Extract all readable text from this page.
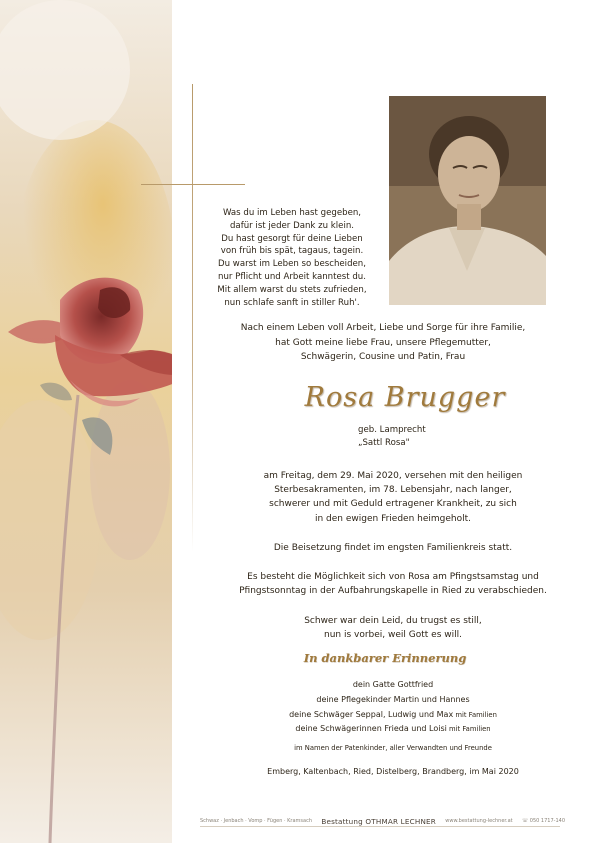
Was du im Leben hast gegeben,
dafür ist jeder Dank zu klein.
Du hast gesorgt für deine Lieben
von früh bis spät, tagaus, tagein.
Du warst im Leben so bescheiden,
nur Pflicht und Arbeit kanntest du.
Mit allem warst du stets zufrieden,
nun schlafe sanft in stiller Ruh'.
Nach einem Leben voll Arbeit, Liebe und Sorge für ihre Familie,
hat Gott meine liebe Frau, unsere Pflegemutter,
Schwägerin, Cousine und Patin, Frau
Rosa Brugger
geb. Lamprecht
„Sattl Rosa"
am Freitag, dem 29. Mai 2020, versehen mit den heiligen
Sterbesakramenten, im 78. Lebensjahr, nach langer,
schwerer und mit Geduld ertragener Krankheit, zu sich
in den ewigen Frieden heimgeholt.
Die Beisetzung findet im engsten Familienkreis statt.
Es besteht die Möglichkeit sich von Rosa am Pfingstsamstag und
Pfingstsonntag in der Aufbahrungskapelle in Ried zu verabschieden.
Schwer war dein Leid, du trugst es still,
nun is vorbei, weil Gott es will.
In dankbarer Erinnerung
dein Gatte Gottfried
deine Pflegekinder Martin und Hannes
deine Schwäger Seppal, Ludwig und Max mit Familien
deine Schwägerinnen Frieda und Loisi mit Familien
im Namen der Patenkinder, aller Verwandten und Freunde
Emberg, Kaltenbach, Ried, Distelberg, Brandberg, im Mai 2020
Schwaz · Jenbach · Vomp · Fügen · Kramsach Bestattung OTHMAR LECHNER www.bestattung-lechner.at ☏ 050 1717-140
